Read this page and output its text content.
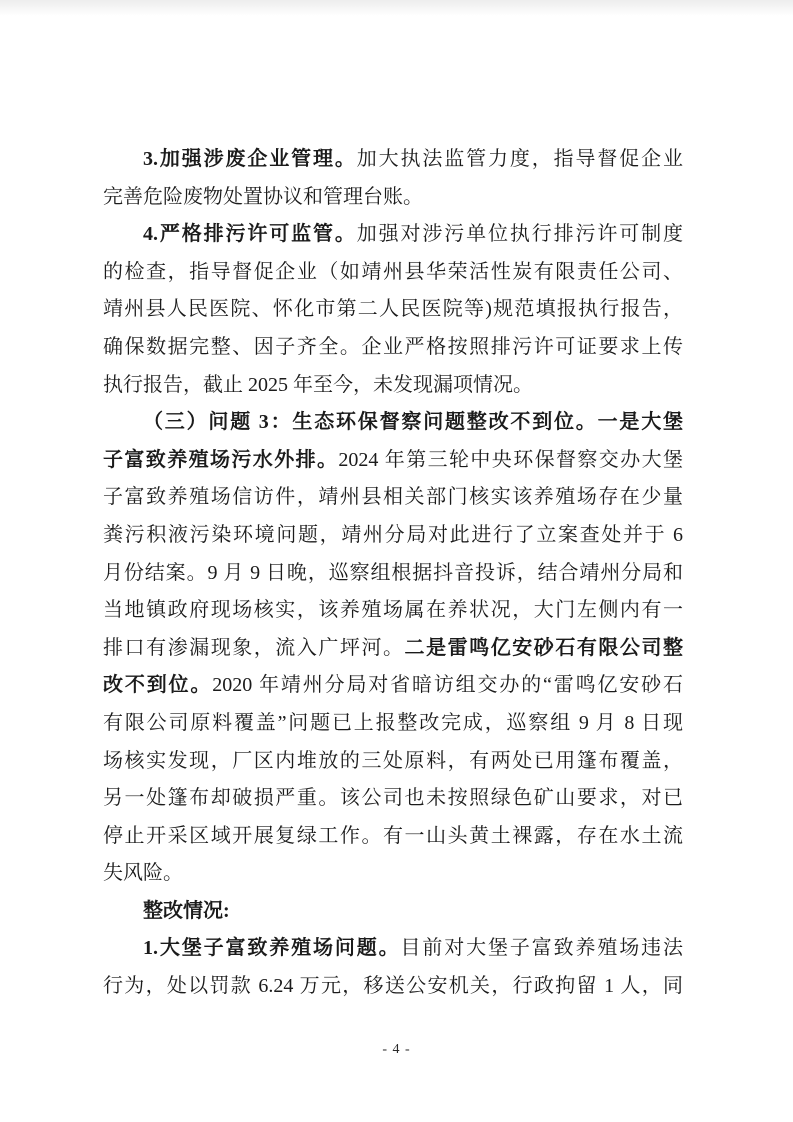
3.加强涉废企业管理。加大执法监管力度，指导督促企业
完善危险废物处置协议和管理台账。
4.严格排污许可监管。加强对涉污单位执行排污许可制度
的检查，指导督促企业（如靖州县华荣活性炭有限责任公司、
靖州县人民医院、怀化市第二人民医院等)规范填报执行报告，
确保数据完整、因子齐全。企业严格按照排污许可证要求上传
执行报告，截止 2025 年至今，未发现漏项情况。
（三）问题 3：生态环保督察问题整改不到位。一是大堡
子富致养殖场污水外排。2024 年第三轮中央环保督察交办大堡
子富致养殖场信访件，靖州县相关部门核实该养殖场存在少量
粪污积液污染环境问题，靖州分局对此进行了立案查处并于 6
月份结案。9 月 9 日晚，巡察组根据抖音投诉，结合靖州分局和
当地镇政府现场核实，该养殖场属在养状况，大门左侧内有一
排口有渗漏现象，流入广坪河。二是雷鸣亿安砂石有限公司整
改不到位。2020 年靖州分局对省暗访组交办的“雷鸣亿安砂石
有限公司原料覆盖”问题已上报整改完成，巡察组 9 月 8 日现
场核实发现，厂区内堆放的三处原料，有两处已用篷布覆盖，
另一处篷布却破损严重。该公司也未按照绿色矿山要求，对已
停止开采区域开展复绿工作。有一山头黄土裸露，存在水土流
失风险。
整改情况:
1.大堡子富致养殖场问题。目前对大堡子富致养殖场违法
行为，处以罚款 6.24 万元，移送公安机关，行政拘留 1 人，同
- 4 -
